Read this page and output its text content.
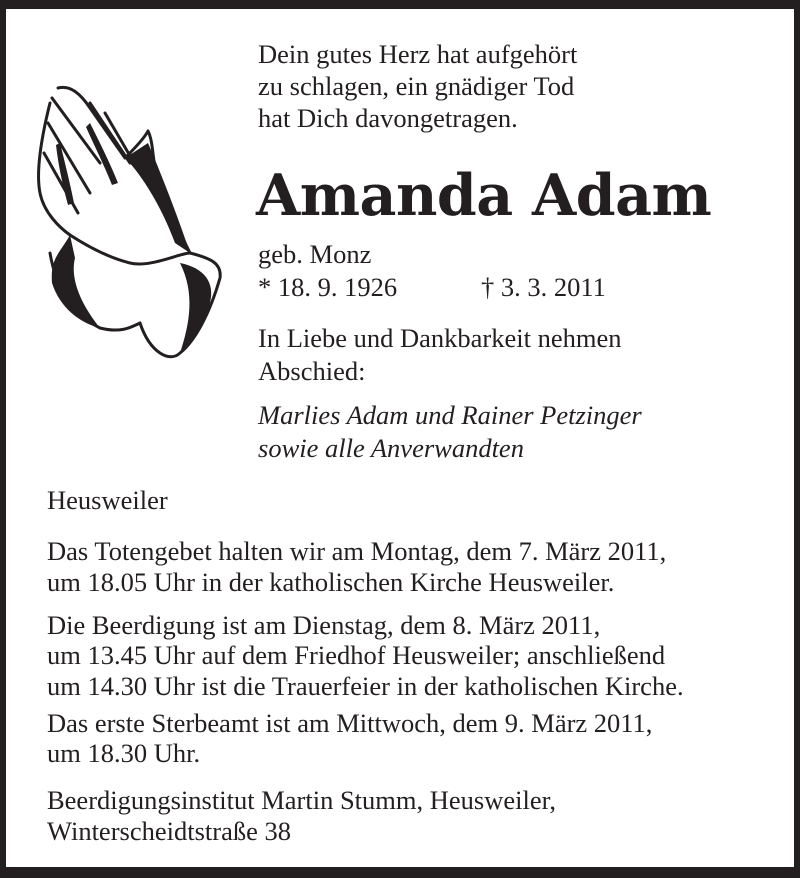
Dein gutes Herz hat aufgehört
zu schlagen, ein gnädiger Tod
hat Dich davongetragen.
Amanda Adam
geb. Monz
* 18. 9. 1926	† 3. 3. 2011
In Liebe und Dankbarkeit nehmen
Abschied:
Marlies Adam und Rainer Petzinger
sowie alle Anverwandten
Heusweiler
Das Totengebet halten wir am Montag, dem 7. März 2011,
um 18.05 Uhr in der katholischen Kirche Heusweiler.
Die Beerdigung ist am Dienstag, dem 8. März 2011,
um 13.45 Uhr auf dem Friedhof Heusweiler; anschließend
um 14.30 Uhr ist die Trauerfeier in der katholischen Kirche.
Das erste Sterbeamt ist am Mittwoch, dem 9. März 2011,
um 18.30 Uhr.
Beerdigungsinstitut Martin Stumm, Heusweiler,
Winterscheidtstraße 38
